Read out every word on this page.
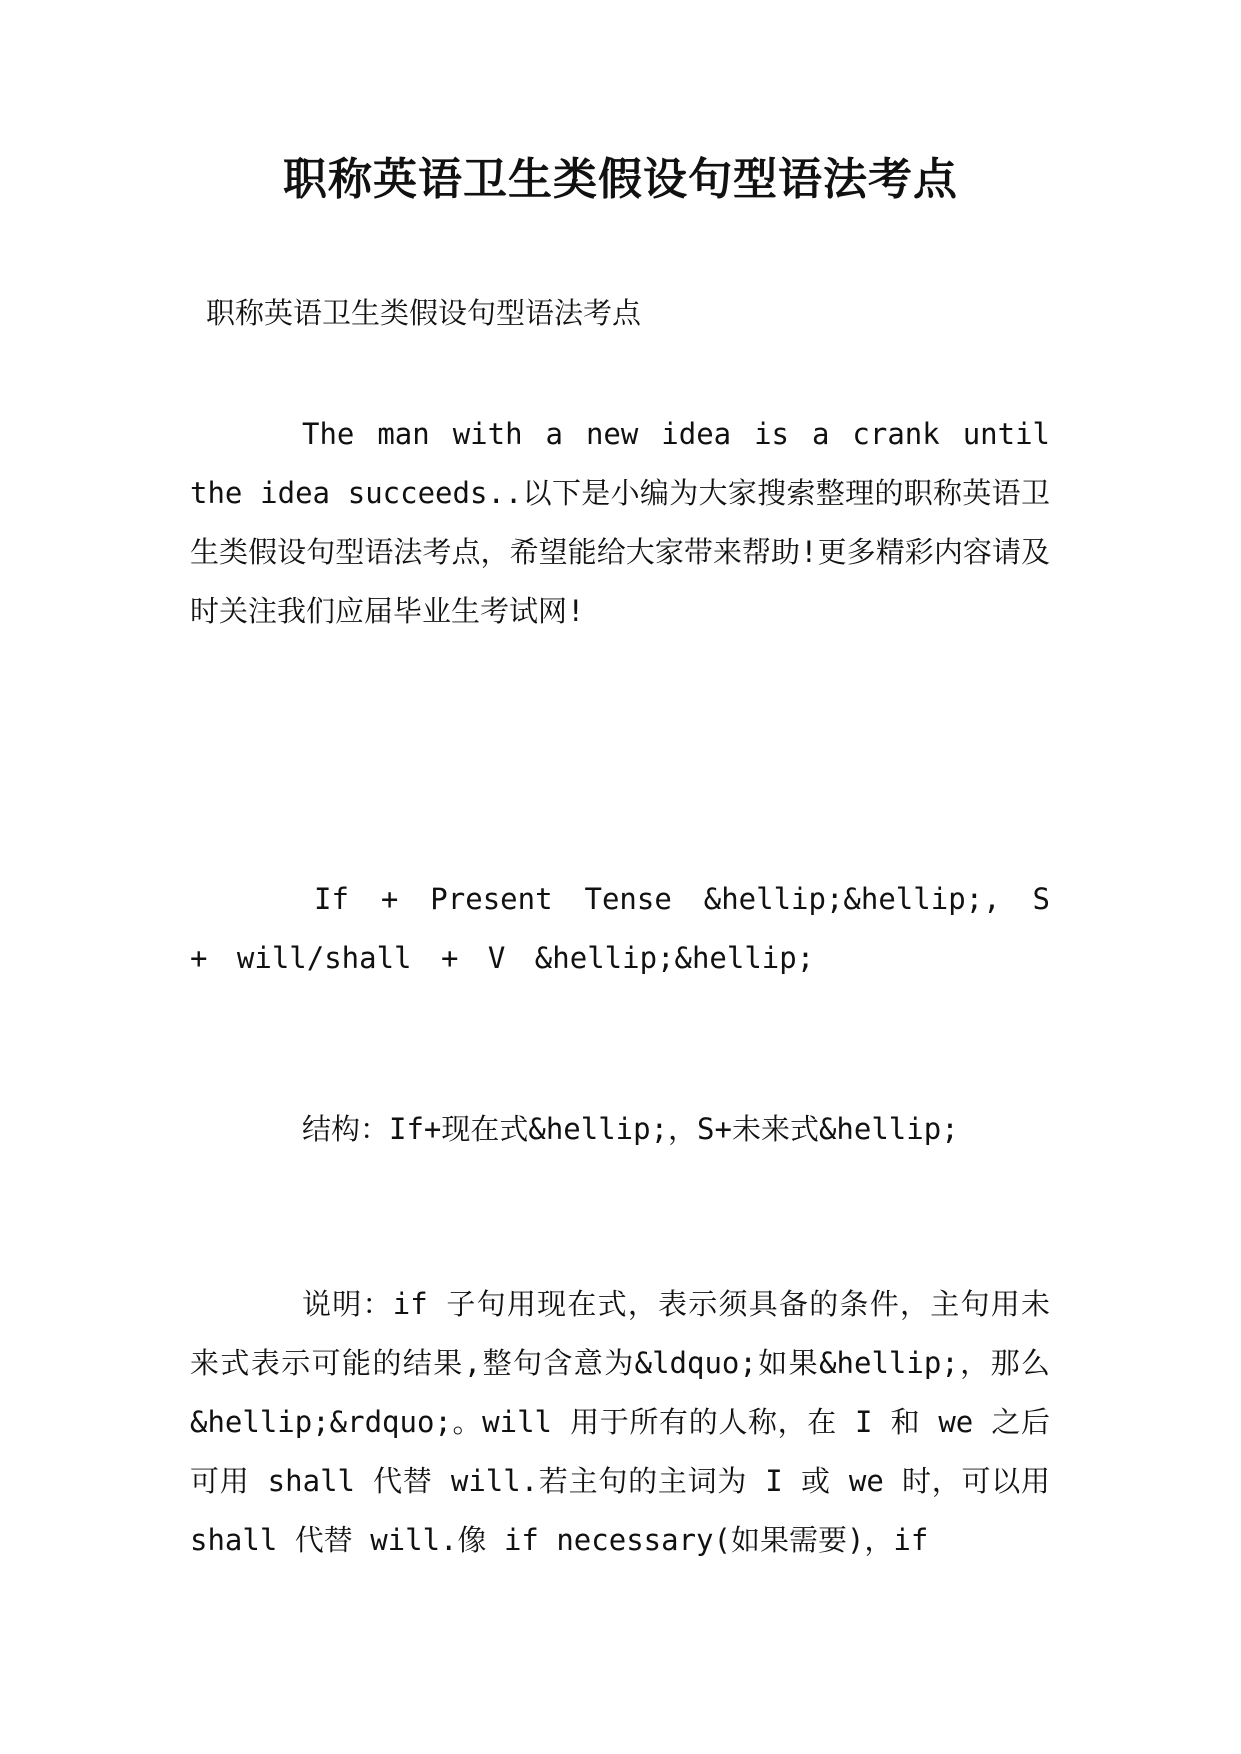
职称英语卫生类假设句型语法考点

职称英语卫生类假设句型语法考点

The man with a new idea is a crank until the idea succeeds..以下是小编为大家搜索整理的职称英语卫生类假设句型语法考点，希望能给大家带来帮助!更多精彩内容请及时关注我们应届毕业生考试网!

If + Present Tense &hellip;&hellip;, S + will/shall + V &hellip;&hellip;

结构：If+现在式&hellip;，S+未来式&hellip;

说明：if 子句用现在式，表示须具备的条件，主句用未来式表示可能的结果,整句含意为&ldquo;如果&hellip;，那么&hellip;&rdquo;。will 用于所有的人称，在 I 和 we 之后可用 shall 代替 will.若主句的主词为 I 或 we 时，可以用 shall 代替 will.像 if necessary(如果需要)，if
